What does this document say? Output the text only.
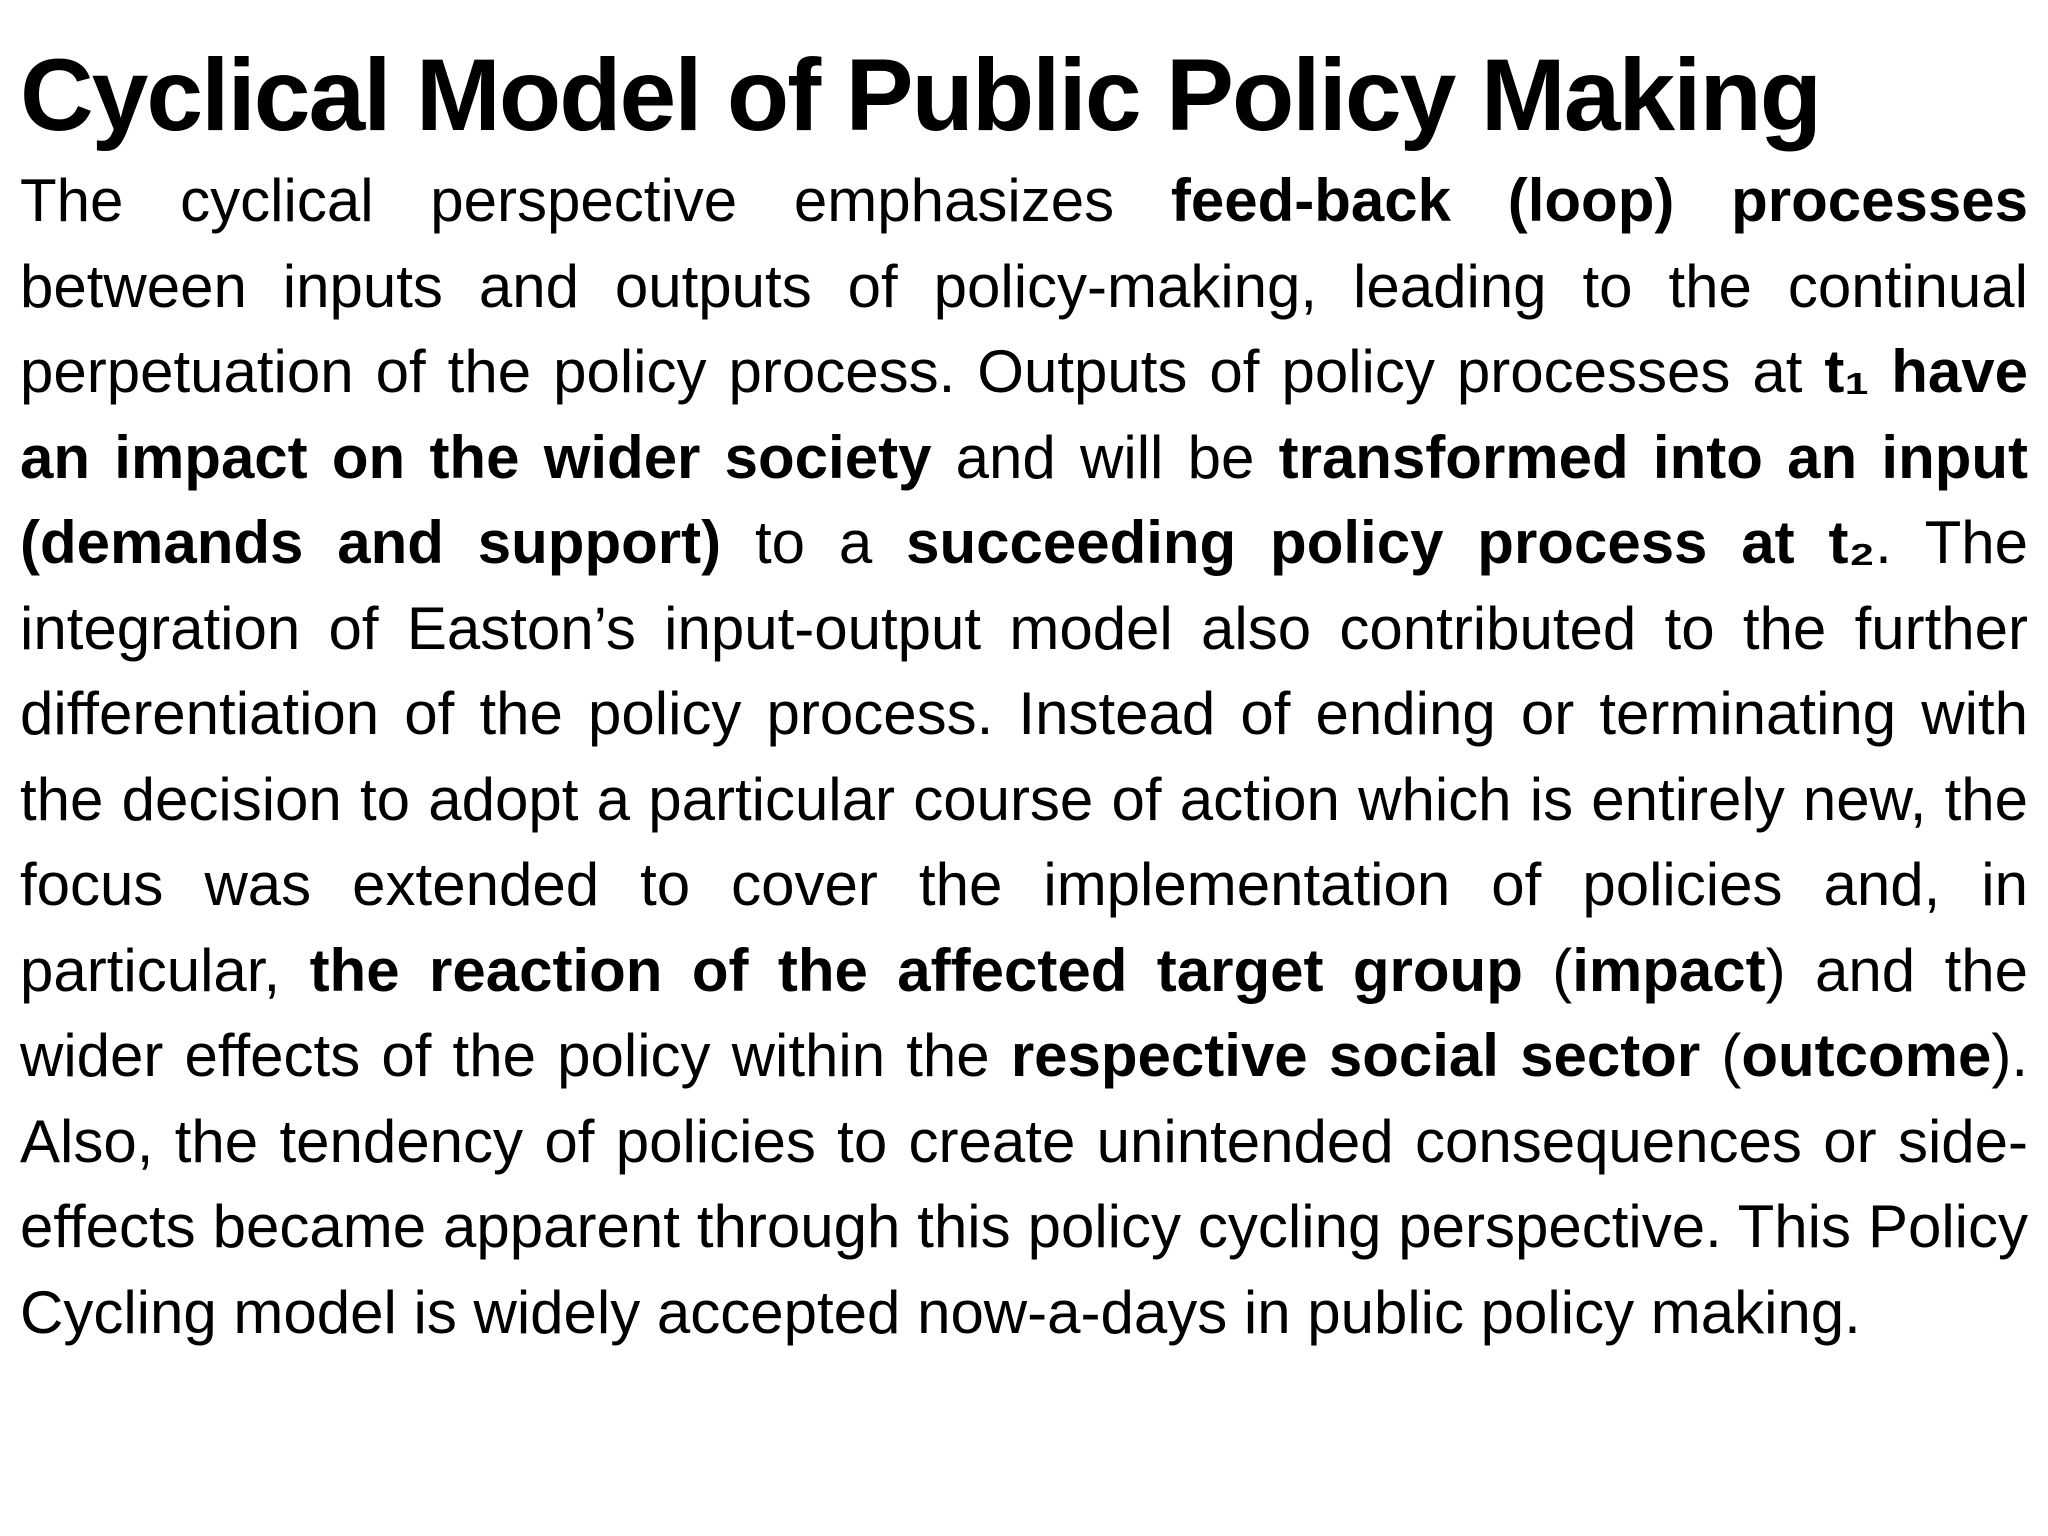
Cyclical Model of Public Policy Making

The cyclical perspective emphasizes feed-back (loop) processes between inputs and outputs of policy-making, leading to the continual perpetuation of the policy process. Outputs of policy processes at t₁ have an impact on the wider society and will be transformed into an input (demands and support) to a succeeding policy process at t₂. The integration of Easton’s input-output model also contributed to the further differentiation of the policy process. Instead of ending or terminating with the decision to adopt a particular course of action which is entirely new, the focus was extended to cover the implementation of policies and, in particular, the reaction of the affected target group (impact) and the wider effects of the policy within the respective social sector (outcome). Also, the tendency of policies to create unintended consequences or side-effects became apparent through this policy cycling perspective. This Policy Cycling model is widely accepted now-a-days in public policy making.
